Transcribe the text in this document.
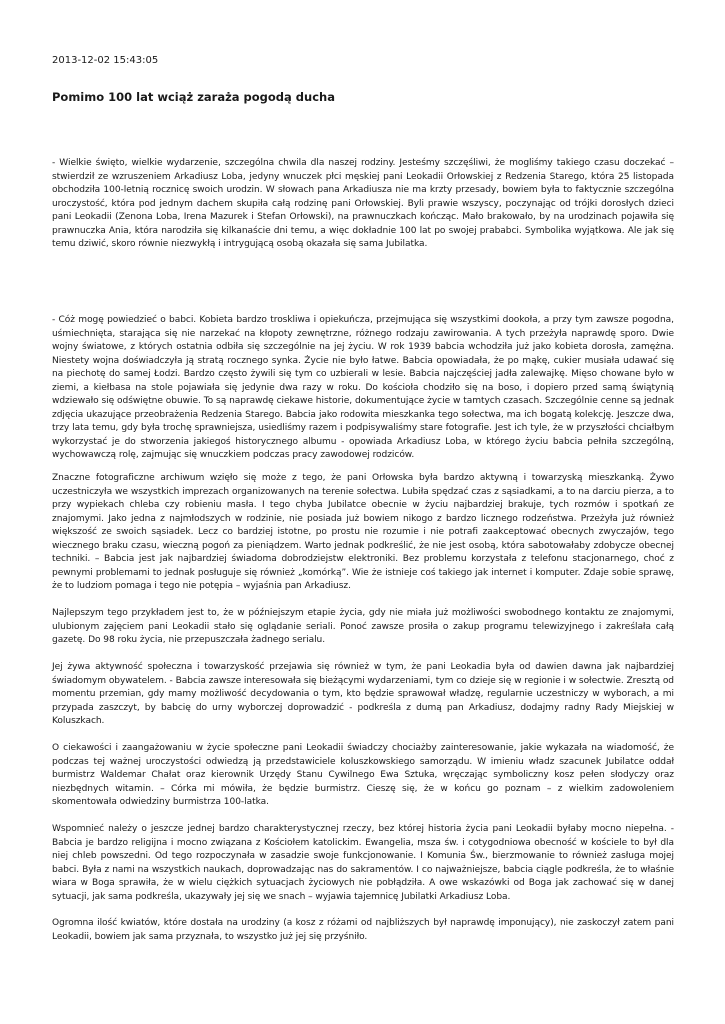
2013-12-02 15:43:05
Pomimo 100 lat wciąż zaraża pogodą ducha

- Wielkie święto, wielkie wydarzenie, szczególna chwila dla naszej rodziny. Jesteśmy szczęśliwi, że mogliśmy takiego czasu doczekać – stwierdził ze wzruszeniem Arkadiusz Loba, jedyny wnuczek płci męskiej pani Leokadii Orłowskiej z Redzenia Starego, która 25 listopada obchodziła 100-letnią rocznicę swoich urodzin. W słowach pana Arkadiusza nie ma krzty przesady, bowiem była to faktycznie szczególna uroczystość, która pod jednym dachem skupiła całą rodzinę pani Orłowskiej. Byli prawie wszyscy, poczynając od trójki dorosłych dzieci pani Leokadii (Zenona Loba, Irena Mazurek i Stefan Orłowski), na prawnuczkach kończąc. Mało brakowało, by na urodzinach pojawiła się prawnuczka Ania, która narodziła się kilkanaście dni temu, a więc dokładnie 100 lat po swojej prababci. Symbolika wyjątkowa. Ale jak się temu dziwić, skoro równie niezwykłą i intrygującą osobą okazała się sama Jubilatka.

- Cóż mogę powiedzieć o babci. Kobieta bardzo troskliwa i opiekuńcza, przejmująca się wszystkimi dookoła, a przy tym zawsze pogodna, uśmiechnięta, starająca się nie narzekać na kłopoty zewnętrzne, różnego rodzaju zawirowania. A tych przeżyła naprawdę sporo. Dwie wojny światowe, z których ostatnia odbiła się szczególnie na jej życiu. W rok 1939 babcia wchodziła już jako kobieta dorosła, zamężna. Niestety wojna doświadczyła ją stratą rocznego synka. Życie nie było łatwe. Babcia opowiadała, że po mąkę, cukier musiała udawać się na piechotę do samej Łodzi. Bardzo często żywili się tym co uzbierali w lesie. Babcia najczęściej jadła zalewajkę. Mięso chowane było w ziemi, a kiełbasa na stole pojawiała się jedynie dwa razy w roku. Do kościoła chodziło się na boso, i dopiero przed samą świątynią wdziewało się odświętne obuwie. To są naprawdę ciekawe historie, dokumentujące życie w tamtych czasach. Szczególnie cenne są jednak zdjęcia ukazujące przeobrażenia Redzenia Starego. Babcia jako rodowita mieszkanka tego sołectwa, ma ich bogatą kolekcję. Jeszcze dwa, trzy lata temu, gdy była trochę sprawniejsza, usiedliśmy razem i podpisywaliśmy stare fotografie. Jest ich tyle, że w przyszłości chciałbym wykorzystać je do stworzenia jakiegoś historycznego albumu - opowiada Arkadiusz Loba, w którego życiu babcia pełniła szczególną, wychowawczą rolę, zajmując się wnuczkiem podczas pracy zawodowej rodziców.

Znaczne fotograficzne archiwum wzięło się może z tego, że pani Orłowska była bardzo aktywną i towarzyską mieszkanką. Żywo uczestniczyła we wszystkich imprezach organizowanych na terenie sołectwa. Lubiła spędzać czas z sąsiadkami, a to na darciu pierza, a to przy wypiekach chleba czy robieniu masła. I tego chyba Jubilatce obecnie w życiu najbardziej brakuje, tych rozmów i spotkań ze znajomymi. Jako jedna z najmłodszych w rodzinie, nie posiada już bowiem nikogo z bardzo licznego rodzeństwa. Przeżyła już również większość ze swoich sąsiadek. Lecz co bardziej istotne, po prostu nie rozumie i nie potrafi zaakceptować obecnych zwyczajów, tego wiecznego braku czasu, wieczną pogoń za pieniądzem. Warto jednak podkreślić, że nie jest osobą, która sabotowałaby zdobycze obecnej techniki. – Babcia jest jak najbardziej świadoma dobrodziejstw elektroniki. Bez problemu korzystała z telefonu stacjonarnego, choć z pewnymi problemami to jednak posługuje się również „komórką”. Wie że istnieje coś takiego jak internet i komputer. Zdaje sobie sprawę, że to ludziom pomaga i tego nie potępia – wyjaśnia pan Arkadiusz.

Najlepszym tego przykładem jest to, że w późniejszym etapie życia, gdy nie miała już możliwości swobodnego kontaktu ze znajomymi, ulubionym zajęciem pani Leokadii stało się oglądanie seriali. Ponoć zawsze prosiła o zakup programu telewizyjnego i zakreślała całą gazetę. Do 98 roku życia, nie przepuszczała żadnego serialu.

Jej żywa aktywność społeczna i towarzyskość przejawia się również w tym, że pani Leokadia była od dawien dawna jak najbardziej świadomym obywatelem. - Babcia zawsze interesowała się bieżącymi wydarzeniami, tym co dzieje się w regionie i w sołectwie. Zresztą od momentu przemian, gdy mamy możliwość decydowania o tym, kto będzie sprawował władzę, regularnie uczestniczy w wyborach, a mi przypada zaszczyt, by babcię do urny wyborczej doprowadzić - podkreśla z dumą pan Arkadiusz, dodajmy radny Rady Miejskiej w Koluszkach.

O ciekawości i zaangażowaniu w życie społeczne pani Leokadii świadczy chociażby zainteresowanie, jakie wykazała na wiadomość, że podczas tej ważnej uroczystości odwiedzą ją przedstawiciele koluszkowskiego samorządu. W imieniu władz szacunek Jubilatce oddał burmistrz Waldemar Chałat oraz kierownik Urzędy Stanu Cywilnego Ewa Sztuka, wręczając symboliczny kosz pełen słodyczy oraz niezbędnych witamin. – Córka mi mówiła, że będzie burmistrz. Cieszę się, że w końcu go poznam – z wielkim zadowoleniem skomentowała odwiedziny burmistrza 100-latka.

Wspomnieć należy o jeszcze jednej bardzo charakterystycznej rzeczy, bez której historia życia pani Leokadii byłaby mocno niepełna. - Babcia je bardzo religijna i mocno związana z Kościołem katolickim. Ewangelia, msza św. i cotygodniowa obecność w kościele to był dla niej chleb powszedni. Od tego rozpoczynała w zasadzie swoje funkcjonowanie. I Komunia Św., bierzmowanie to również zasługa mojej babci. Była z nami na wszystkich naukach, doprowadzając nas do sakramentów. I co najważniejsze, babcia ciągle podkreśla, że to właśnie wiara w Boga sprawiła, że w wielu ciężkich sytuacjach życiowych nie pobłądziła. A owe wskazówki od Boga jak zachować się w danej sytuacji, jak sama podkreśla, ukazywały jej się we snach – wyjawia tajemnicę Jubilatki Arkadiusz Loba.

Ogromna ilość kwiatów, które dostała na urodziny (a kosz z różami od najbliższych był naprawdę imponujący), nie zaskoczył zatem pani Leokadii, bowiem jak sama przyznała, to wszystko już jej się przyśniło.
